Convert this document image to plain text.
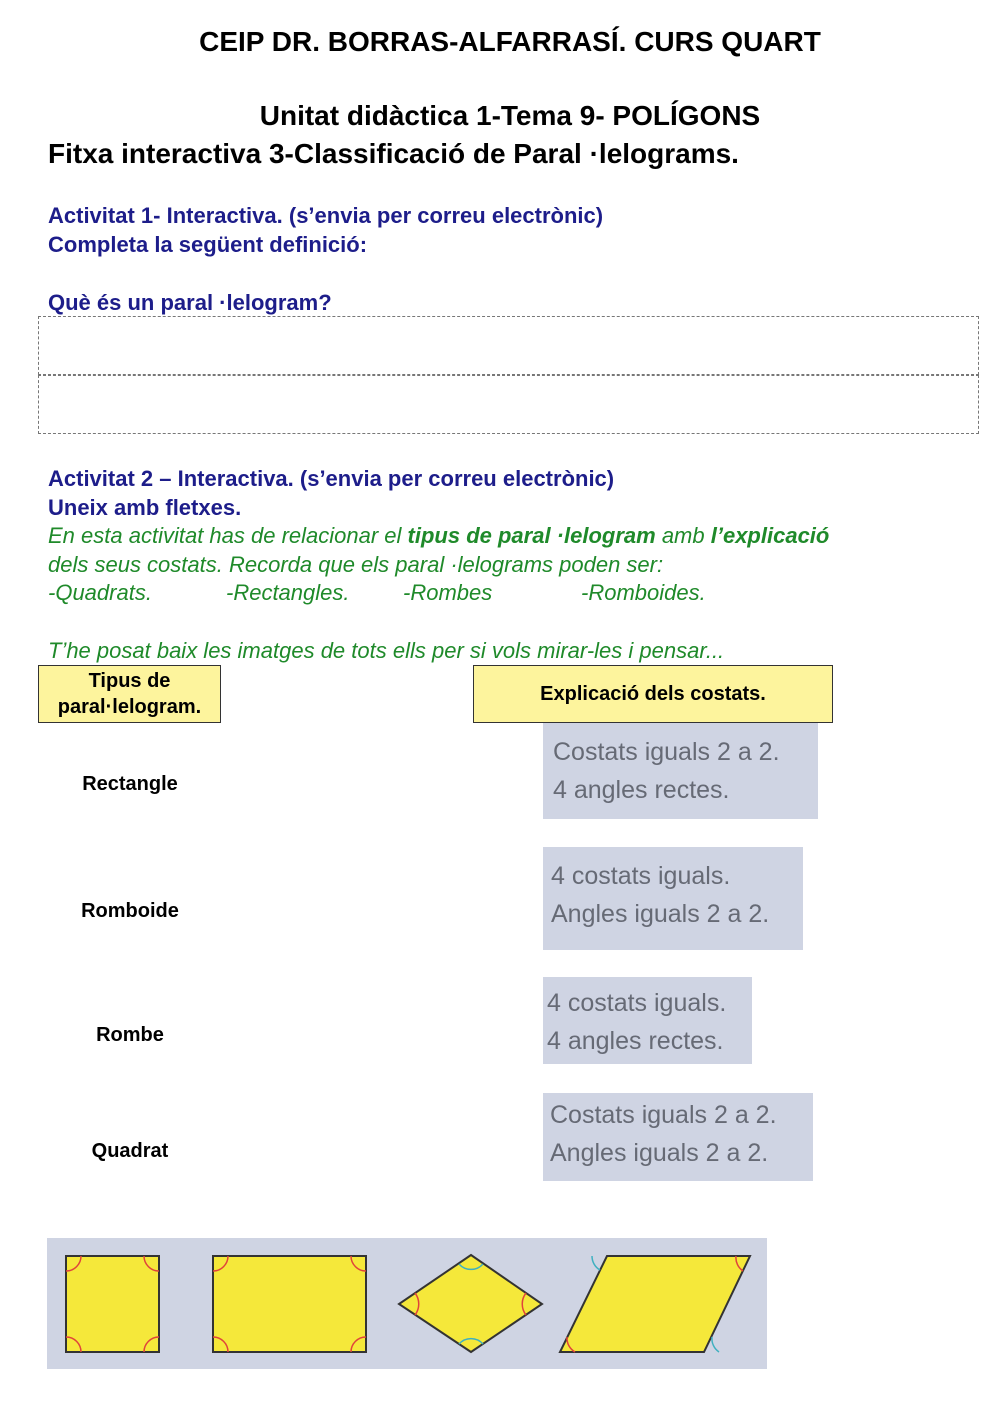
CEIP DR. BORRAS-ALFARRASÍ. CURS QUART
Unitat didàctica 1-Tema 9- POLÍGONS
Fitxa interactiva 3-Classificació de Paral ·lelograms.
Activitat 1- Interactiva. (s’envia per correu electrònic)
Completa la següent definició:
Què és un paral ·lelogram?
Activitat 2 – Interactiva. (s’envia per correu electrònic)
Uneix amb fletxes.
En esta activitat has de relacionar el tipus de paral ·lelogram amb l’explicació
dels seus costats. Recorda que els paral ·lelograms poden ser:
-Quadrats.	-Rectangles. -Rombes	-Romboides.
T’he posat baix les imatges de tots ells per si vols mirar-les i pensar...
Tipus de
paral·lelogram.
Explicació dels costats.
Rectangle
Romboide
Rombe
Quadrat
Costats iguals 2 a 2.
4 angles rectes.
4 costats iguals.
Angles iguals 2 a 2.
4 costats iguals.
4 angles rectes.
Costats iguals 2 a 2.
Angles iguals 2 a 2.
